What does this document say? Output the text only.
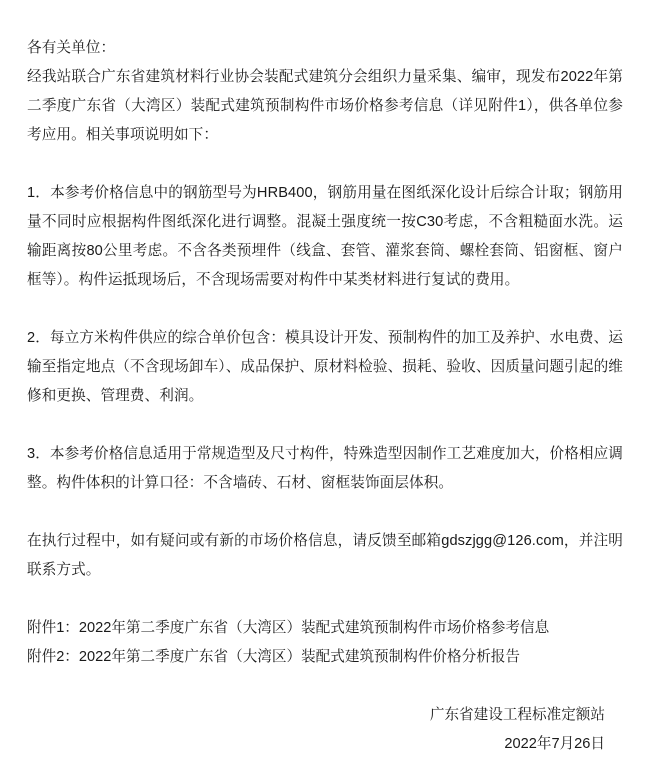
各有关单位：

经我站联合广东省建筑材料行业协会装配式建筑分会组织力量采集、编审，现发布2022年第二季度广东省（大湾区）装配式建筑预制构件市场价格参考信息（详见附件1），供各单位参考应用。相关事项说明如下：

1．本参考价格信息中的钢筋型号为HRB400，钢筋用量在图纸深化设计后综合计取；钢筋用量不同时应根据构件图纸深化进行调整。混凝土强度统一按C30考虑，不含粗糙面水洗。运输距离按80公里考虑。不含各类预埋件（线盒、套管、灌浆套筒、螺栓套筒、铝窗框、窗户框等）。构件运抵现场后，不含现场需要对构件中某类材料进行复试的费用。

2．每立方米构件供应的综合单价包含：模具设计开发、预制构件的加工及养护、水电费、运输至指定地点（不含现场卸车）、成品保护、原材料检验、损耗、验收、因质量问题引起的维修和更换、管理费、利润。

3．本参考价格信息适用于常规造型及尺寸构件，特殊造型因制作工艺难度加大，价格相应调整。构件体积的计算口径：不含墙砖、石材、窗框装饰面层体积。

在执行过程中，如有疑问或有新的市场价格信息，请反馈至邮箱gdszjgg@126.com，并注明联系方式。

附件1：2022年第二季度广东省（大湾区）装配式建筑预制构件市场价格参考信息

附件2：2022年第二季度广东省（大湾区）装配式建筑预制构件价格分析报告

广东省建设工程标准定额站

2022年7月26日
